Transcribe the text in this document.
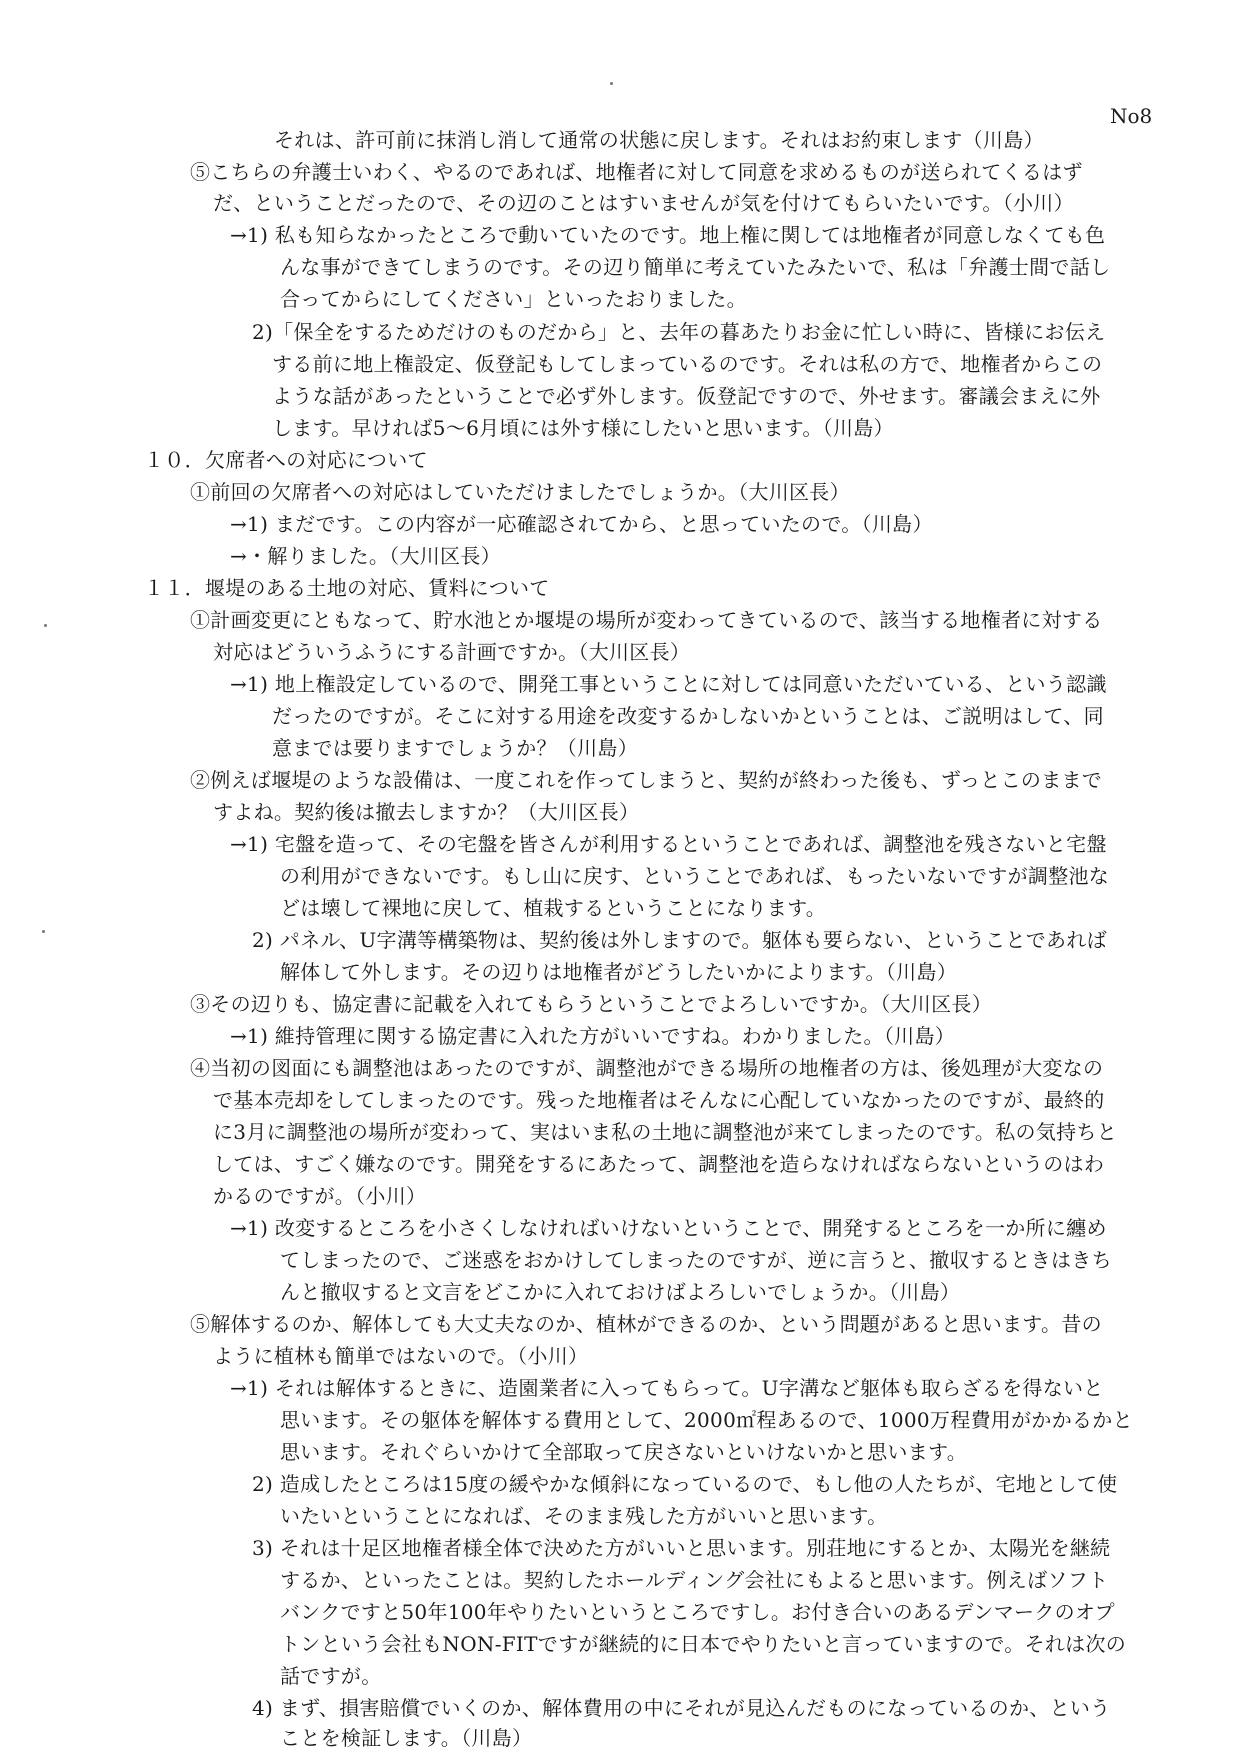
No8
それは、許可前に抹消し消して通常の状態に戻します。それはお約束します（川島）
⑤こちらの弁護士いわく、やるのであれば、地権者に対して同意を求めるものが送られてくるはず
だ、ということだったので、その辺のことはすいませんが気を付けてもらいたいです。（小川）
→1) 私も知らなかったところで動いていたのです。地上権に関しては地権者が同意しなくても色
んな事ができてしまうのです。その辺り簡単に考えていたみたいで、私は「弁護士間で話し
合ってからにしてください」といったおりました。
2)「保全をするためだけのものだから」と、去年の暮あたりお金に忙しい時に、皆様にお伝え
する前に地上権設定、仮登記もしてしまっているのです。それは私の方で、地権者からこの
ような話があったということで必ず外します。仮登記ですので、外せます。審議会まえに外
します。早ければ5～6月頃には外す様にしたいと思います。（川島）
１０．欠席者への対応について
①前回の欠席者への対応はしていただけましたでしょうか。（大川区長）
→1) まだです。この内容が一応確認されてから、と思っていたので。（川島）
→・解りました。（大川区長）
１１．堰堤のある土地の対応、賃料について
①計画変更にともなって、貯水池とか堰堤の場所が変わってきているので、該当する地権者に対する
対応はどういうふうにする計画ですか。（大川区長）
→1) 地上権設定しているので、開発工事ということに対しては同意いただいている、という認識
だったのですが。そこに対する用途を改変するかしないかということは、ご説明はして、同
意までは要りますでしょうか？（川島）
②例えば堰堤のような設備は、一度これを作ってしまうと、契約が終わった後も、ずっとこのままで
すよね。契約後は撤去しますか？（大川区長）
→1) 宅盤を造って、その宅盤を皆さんが利用するということであれば、調整池を残さないと宅盤
の利用ができないです。もし山に戻す、ということであれば、もったいないですが調整池な
どは壊して裸地に戻して、植栽するということになります。
2) パネル、U字溝等構築物は、契約後は外しますので。躯体も要らない、ということであれば
解体して外します。その辺りは地権者がどうしたいかによります。（川島）
③その辺りも、協定書に記載を入れてもらうということでよろしいですか。（大川区長）
→1) 維持管理に関する協定書に入れた方がいいですね。わかりました。（川島）
④当初の図面にも調整池はあったのですが、調整池ができる場所の地権者の方は、後処理が大変なの
で基本売却をしてしまったのです。残った地権者はそんなに心配していなかったのですが、最終的
に3月に調整池の場所が変わって、実はいま私の土地に調整池が来てしまったのです。私の気持ちと
しては、すごく嫌なのです。開発をするにあたって、調整池を造らなければならないというのはわ
かるのですが。（小川）
→1) 改変するところを小さくしなければいけないということで、開発するところを一か所に纏め
てしまったので、ご迷惑をおかけしてしまったのですが、逆に言うと、撤収するときはきち
んと撤収すると文言をどこかに入れておけばよろしいでしょうか。（川島）
⑤解体するのか、解体しても大丈夫なのか、植林ができるのか、という問題があると思います。昔の
ように植林も簡単ではないので。（小川）
→1) それは解体するときに、造園業者に入ってもらって。U字溝など躯体も取らざるを得ないと
思います。その躯体を解体する費用として、2000㎡程あるので、1000万程費用がかかるかと
思います。それぐらいかけて全部取って戻さないといけないかと思います。
2) 造成したところは15度の緩やかな傾斜になっているので、もし他の人たちが、宅地として使
いたいということになれば、そのまま残した方がいいと思います。
3) それは十足区地権者様全体で決めた方がいいと思います。別荘地にするとか、太陽光を継続
するか、といったことは。契約したホールディング会社にもよると思います。例えばソフト
バンクですと50年100年やりたいというところですし。お付き合いのあるデンマークのオプ
トンという会社もNON-FITですが継続的に日本でやりたいと言っていますので。それは次の
話ですが。
4) まず、損害賠償でいくのか、解体費用の中にそれが見込んだものになっているのか、という
ことを検証します。（川島）
